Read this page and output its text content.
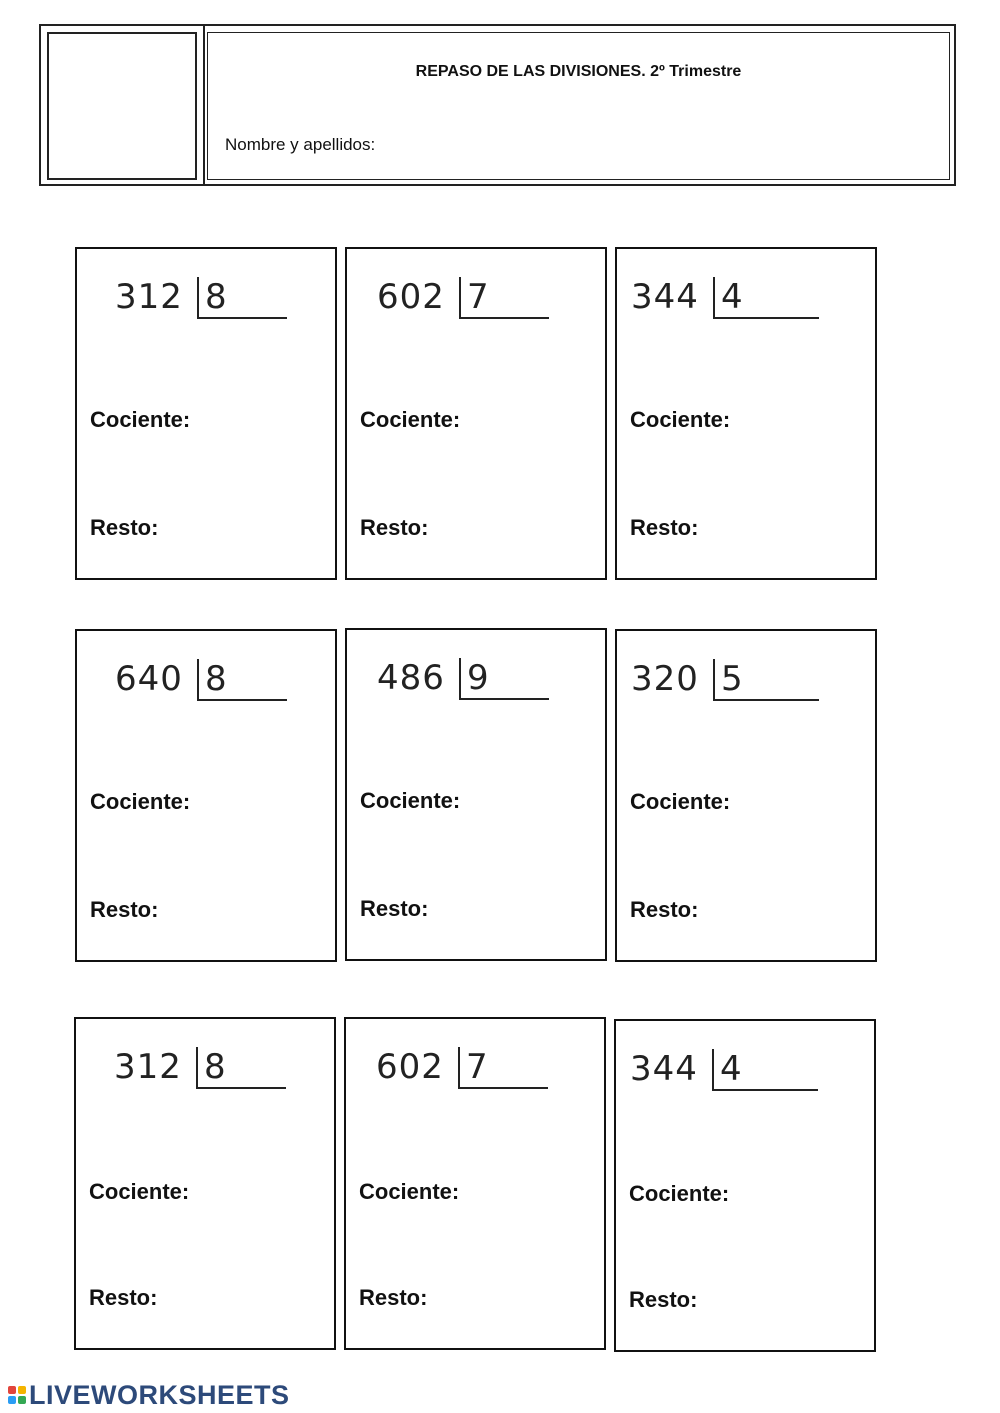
REPASO DE LAS DIVISIONES. 2º Trimestre
Nombre y apellidos:
312 8
Cociente:
Resto:
602 7
Cociente:
Resto:
344 4
Cociente:
Resto:
640 8
Cociente:
Resto:
486 9
Cociente:
Resto:
320 5
Cociente:
Resto:
312 8
Cociente:
Resto:
602 7
Cociente:
Resto:
344 4
Cociente:
Resto:
LIVEWORKSHEETS
